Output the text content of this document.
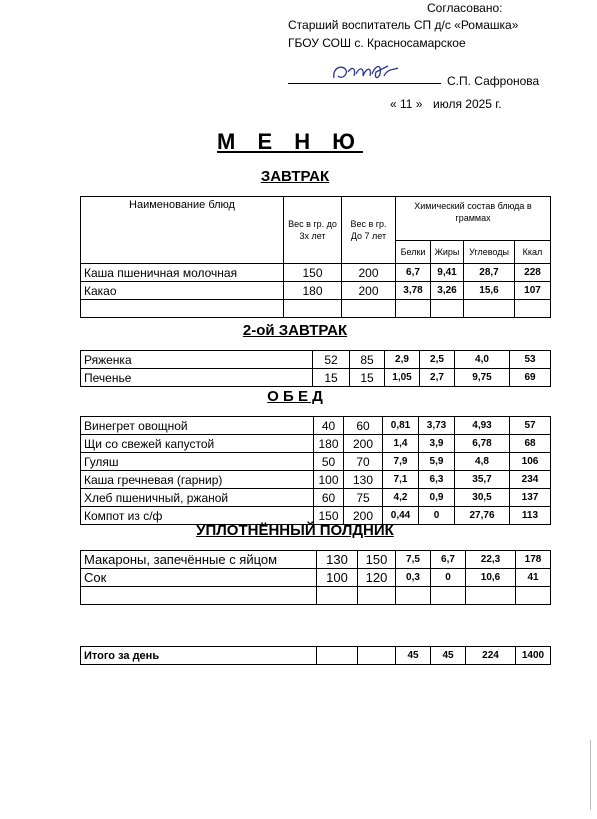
Согласовано:
Старший воспитатель СП д/с «Ромашка»
ГБОУ СОШ с. Красносамарское
С.П. Сафронова
« 11 » июля 2025 г.
М Е Н Ю
ЗАВТРАК
Наименование блюд	Вес в гр. до 3х лет	Вес в гр. До 7 лет	Химический состав блюда в граммах			
			Белки	Жиры	Углеводы	Ккал
Каша пшеничная молочная	150	200	6,7	9,41	28,7	228
Какао	180	200	3,78	3,26	15,6	107

2-ой ЗАВТРАК
Ряженка	52	85	2,9	2,5	4,0	53
Печенье	15	15	1,05	2,7	9,75	69
О Б Е Д
Винегрет овощной	40	60	0,81	3,73	4,93	57
Щи со свежей капустой	180	200	1,4	3,9	6,78	68
Гуляш	50	70	7,9	5,9	4,8	106
Каша гречневая (гарнир)	100	130	7,1	6,3	35,7	234
Хлеб пшеничный, ржаной	60	75	4,2	0,9	30,5	137
Компот из с/ф	150	200	0,44	0	27,76	113
УПЛОТНЁННЫЙ ПОЛДНИК
Макароны, запечённые с яйцом	130	150	7,5	6,7	22,3	178
Сок	100	120	0,3	0	10,6	41

Итого за день			45	45	224	1400
